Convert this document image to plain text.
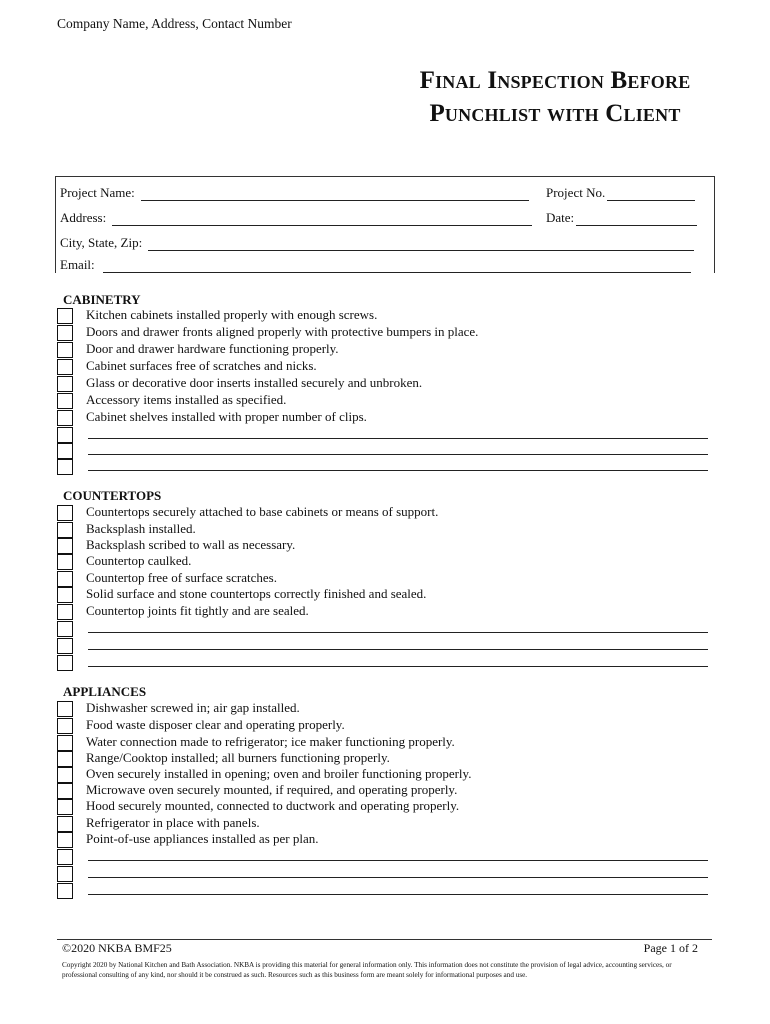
Company Name, Address, Contact Number
Final Inspection Before
Punchlist with Client
Project Name:	Project No.
Address:	Date:
City, State, Zip:
Email:
CABINETRY
Kitchen cabinets installed properly with enough screws.
Doors and drawer fronts aligned properly with protective bumpers in place.
Door and drawer hardware functioning properly.
Cabinet surfaces free of scratches and nicks.
Glass or decorative door inserts installed securely and unbroken.
Accessory items installed as specified.
Cabinet shelves installed with proper number of clips.
COUNTERTOPS
Countertops securely attached to base cabinets or means of support.
Backsplash installed.
Backsplash scribed to wall as necessary.
Countertop caulked.
Countertop free of surface scratches.
Solid surface and stone countertops correctly finished and sealed.
Countertop joints fit tightly and are sealed.
APPLIANCES
Dishwasher screwed in; air gap installed.
Food waste disposer clear and operating properly.
Water connection made to refrigerator; ice maker functioning properly.
Range/Cooktop installed; all burners functioning properly.
Oven securely installed in opening; oven and broiler functioning properly.
Microwave oven securely mounted, if required, and operating properly.
Hood securely mounted, connected to ductwork and operating properly.
Refrigerator in place with panels.
Point-of-use appliances installed as per plan.
©2020 NKBA BMF25	Page 1 of 2
Copyright 2020 by National Kitchen and Bath Association. NKBA is providing this material for general information only. This information does not constitute the provision of legal advice, accounting services, or professional consulting of any kind, nor should it be construed as such. Resources such as this business form are meant solely for informational purposes and use.
